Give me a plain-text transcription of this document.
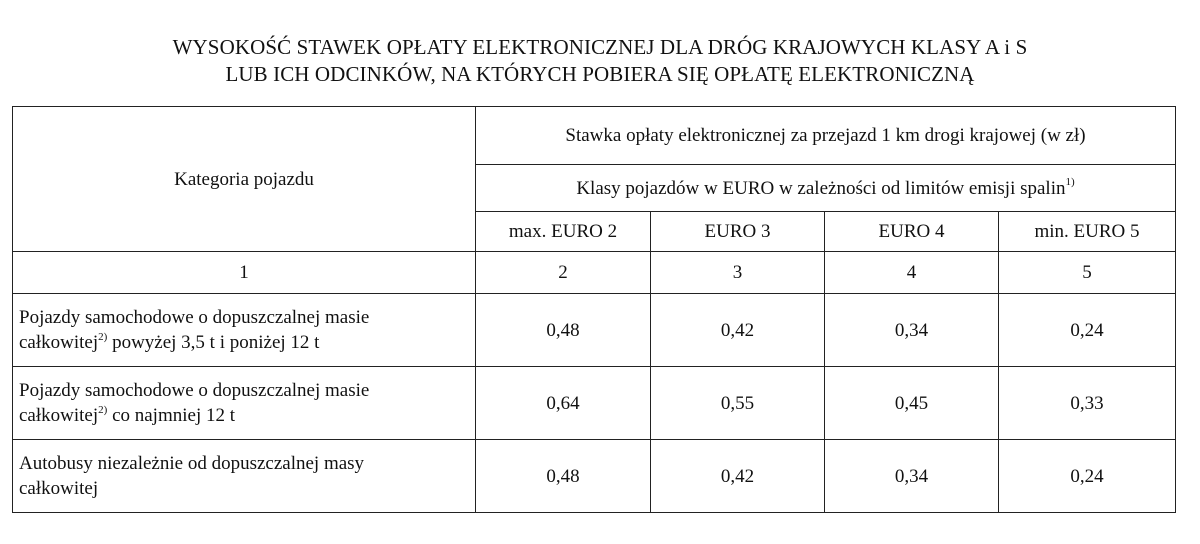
WYSOKOŚĆ STAWEK OPŁATY ELEKTRONICZNEJ DLA DRÓG KRAJOWYCH KLASY A i S
LUB ICH ODCINKÓW, NA KTÓRYCH POBIERA SIĘ OPŁATĘ ELEKTRONICZNĄ
Kategoria pojazdu	Stawka opłaty elektronicznej za przejazd 1 km drogi krajowej (w zł)			
	Klasy pojazdów w EURO w zależności od limitów emisji spalin$^{1)}$
	max. EURO 2	EURO 3	EURO 4	min. EURO 5
1	2	3	4	5
Pojazdy samochodowe o dopuszczalnej masie
całkowitej$^{2)}$ powyżej 3,5 t i poniżej 12 t	0,48	0,42	0,34	0,24
Pojazdy samochodowe o dopuszczalnej masie
całkowitej$^{2)}$ co najmniej 12 t	0,64	0,55	0,45	0,33
Autobusy niezależnie od dopuszczalnej masy
całkowitej	0,48	0,42	0,34	0,24
